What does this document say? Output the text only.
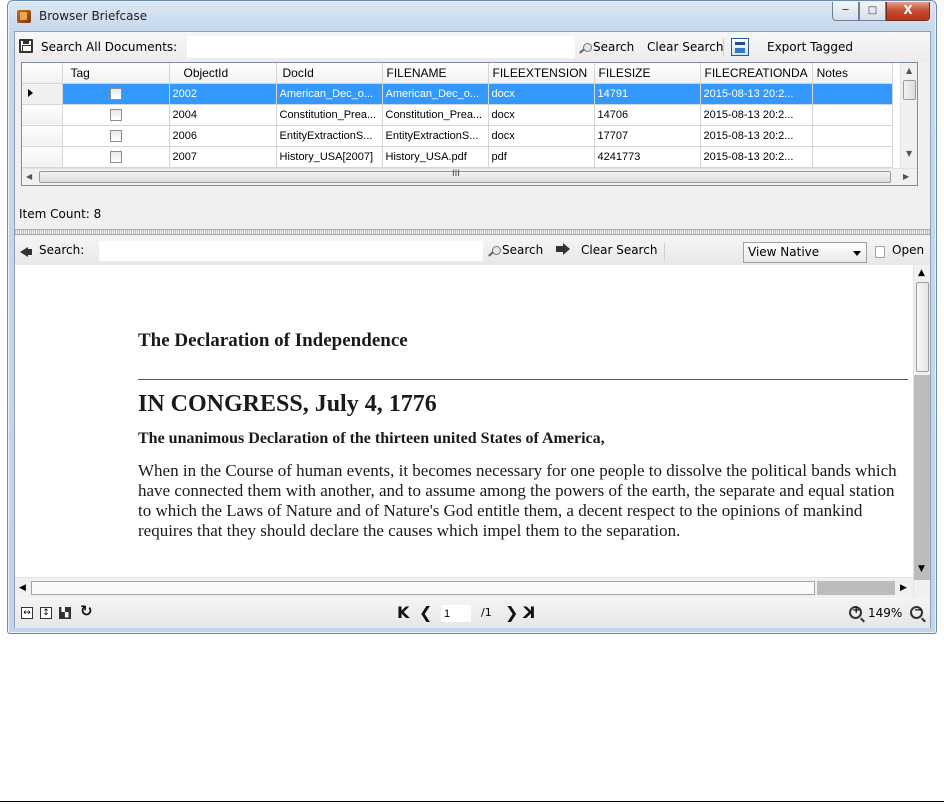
Browser Briefcase	─	□	X
Search All Documents:	Search Clear Search	Export Tagged
	Tag	ObjectId	DocId	FILENAME	FILEEXTENSION	FILESIZE	FILECREATIONDA	Notes
		2002	American_Dec_o...	American_Dec_o...	docx	14791	2015-08-13 20:2...	
		2004	Constitution_Prea...	Constitution_Prea...	docx	14706	2015-08-13 20:2...	
		2006	EntityExtractionS...	EntityExtractionS...	docx	17707	2015-08-13 20:2...	
		2007	History_USA[2007]	History_USA.pdf	pdf	4241773	2015-08-13 20:2...	
▲
▼
◀	III	▶
Item Count: 8
Search:	Search	Clear Search	View Native	Open
The Declaration of Independence
IN CONGRESS, July 4, 1776
The unanimous Declaration of the thirteen united States of America,
When in the Course of human events, it becomes necessary for one people to dissolve the political bands which have connected them with another, and to assume among the powers of the earth, the separate and equal station to which the Laws of Nature and of Nature's God entitle them, a decent respect to the opinions of mankind requires that they should declare the causes which impel them to the separation.
▲
▼
◀	▶
↔ ↕ ▚ ↻	K ❮
1	/1 ❯ K	+ 149% −
